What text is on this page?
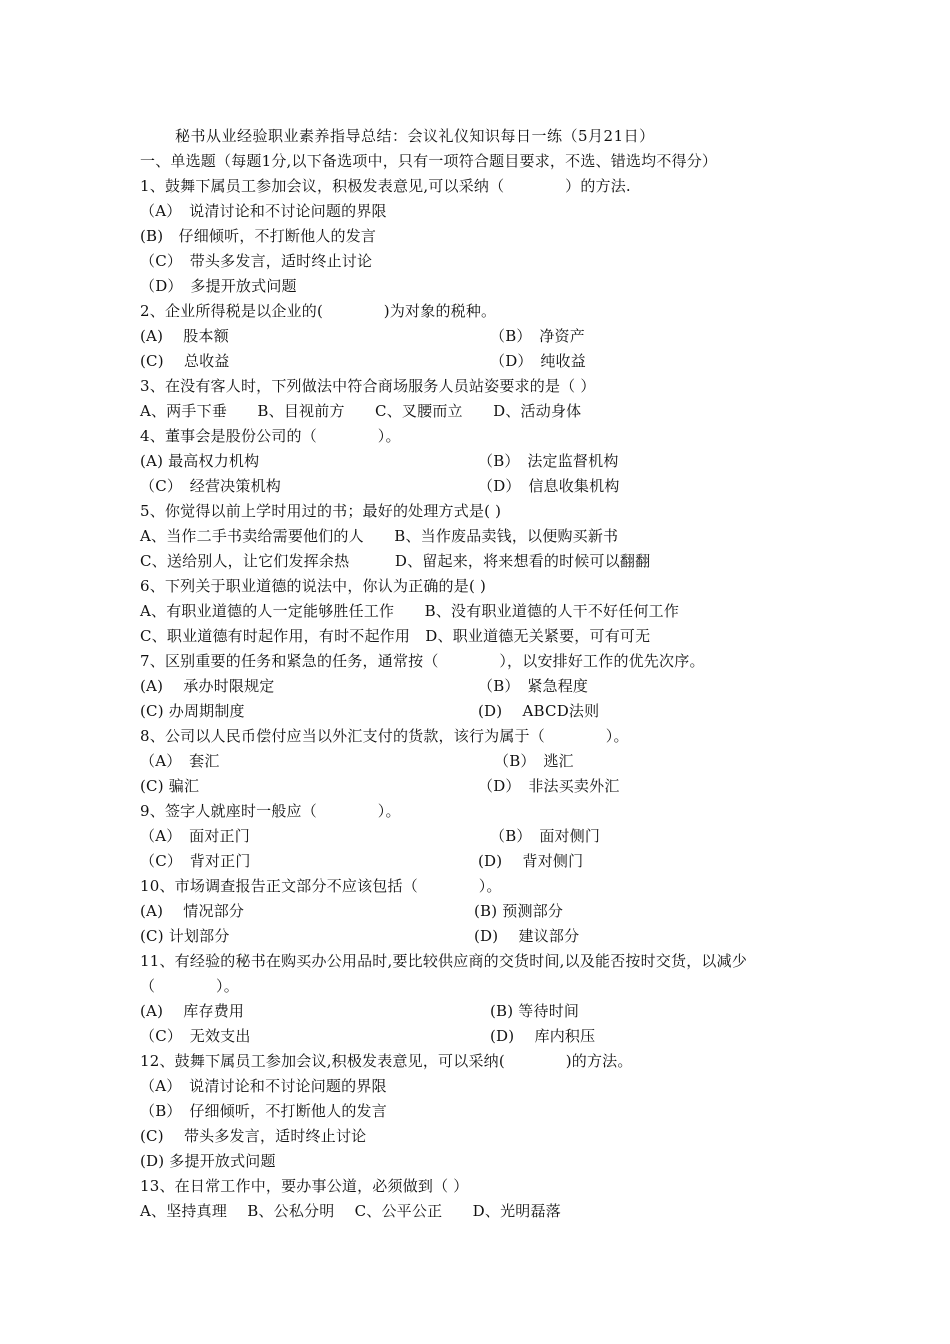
秘书从业经验职业素养指导总结：会议礼仪知识每日一练（5月21日）
一、单选题（每题1分,以下备选项中，只有一项符合题目要求，不选、错选均不得分）
1、鼓舞下属员工参加会议，积极发表意见,可以采纳（　　　　）的方法.
（A）　说清讨论和不讨论问题的界限
(B)　仔细倾听，不打断他人的发言
（C）　带头多发言，适时终止讨论
（D）　多提开放式问题
2、企业所得税是以企业的(　　　　)为对象的税种。
(A)　 股本额	（B）　净资产
(C)　 总收益	（D）　纯收益
3、在没有客人时，下列做法中符合商场服务人员站姿要求的是（ ）
A、两手下垂　　B、目视前方　　C、叉腰而立　　D、活动身体
4、董事会是股份公司的（　　　　）。
(A) 最高权力机构	（B）　法定监督机构
（C）　经营决策机构	（D）　信息收集机构
5、你觉得以前上学时用过的书；最好的处理方式是( )
A、当作二手书卖给需要他们的人　　B、当作废品卖钱，以便购买新书
C、送给别人，让它们发挥余热　　　D、留起来，将来想看的时候可以翻翻
6、下列关于职业道德的说法中，你认为正确的是( )
A、有职业道德的人一定能够胜任工作　　B、没有职业道德的人干不好任何工作
C、职业道德有时起作用，有时不起作用　D、职业道德无关紧要，可有可无
7、区别重要的任务和紧急的任务，通常按（　　　　），以安排好工作的优先次序。
(A)　 承办时限规定	（B）　紧急程度
(C) 办周期制度	(D)　 ABCD法则
8、公司以人民币偿付应当以外汇支付的货款，该行为属于（　　　　）。
（A）　套汇	（B）　逃汇
(C) 骗汇	（D）　非法买卖外汇
9、签字人就座时一般应（　　　　）。
（A）　面对正门	（B）　面对侧门
（C）　背对正门	(D)　 背对侧门
10、市场调查报告正文部分不应该包括（　　　　）。
(A)　 情况部分	(B) 预测部分
(C) 计划部分	(D)　 建议部分
11、有经验的秘书在购买办公用品时,要比较供应商的交货时间,以及能否按时交货，以减少
（　　　　）。
(A)　 库存费用	(B) 等待时间
（C）　无效支出	(D)　 库内积压
12、鼓舞下属员工参加会议,积极发表意见，可以采纳(　　　　)的方法。
（A）　说清讨论和不讨论问题的界限
（B）　仔细倾听，不打断他人的发言
(C)　 带头多发言，适时终止讨论
(D) 多提开放式问题
13、在日常工作中，要办事公道，必须做到（ ）
A、坚持真理　 B、公私分明　 C、公平公正　　D、光明磊落
